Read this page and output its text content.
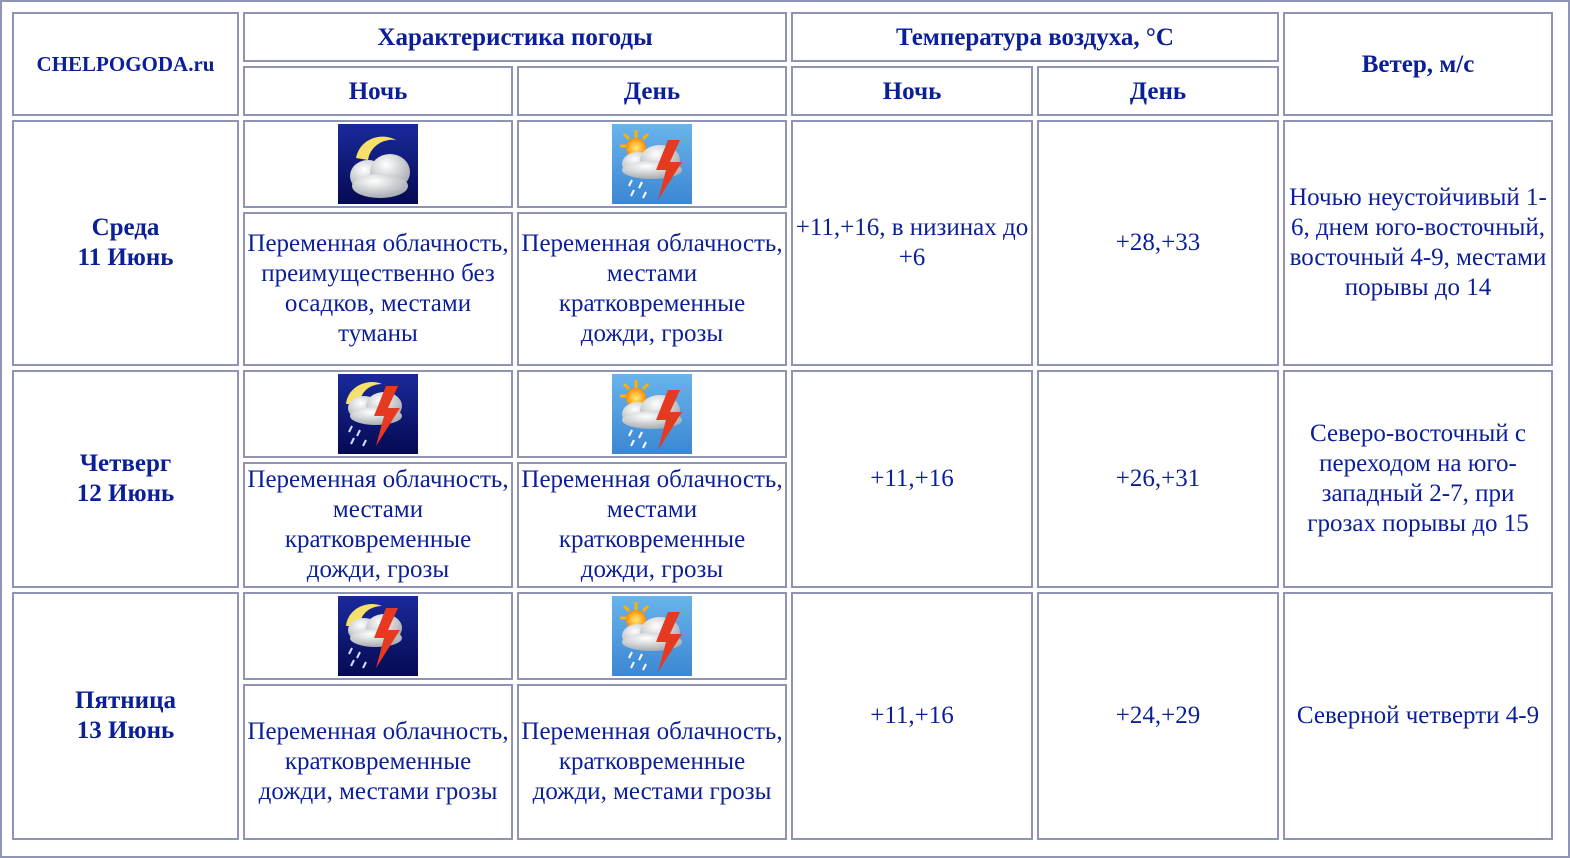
CHELPOGODA.ru	Характеристика погоды		Температура воздуха, °С		Ветер, м/с
	Ночь	День	Ночь	День	

Среда
11 Июнь			+11,+16, в низинах до +6	+28,+33	Ночью неустойчивый 1-6, днем юго-восточный, восточный 4-9, местами порывы до 14
	Переменная облачность, преимущественно без осадков, местами туманы	Переменная облачность, местами кратковременные дожди, грозы			

Четверг
12 Июнь			+11,+16	+26,+31	Северо-восточный с переходом на юго-западный 2-7, при грозах порывы до 15
	Переменная облачность, местами кратковременные дожди, грозы	Переменная облачность, местами кратковременные дожди, грозы			

Пятница
13 Июнь			+11,+16	+24,+29	Северной четверти 4-9
	Переменная облачность, кратковременные дожди, местами грозы	Переменная облачность, кратковременные дожди, местами грозы			
